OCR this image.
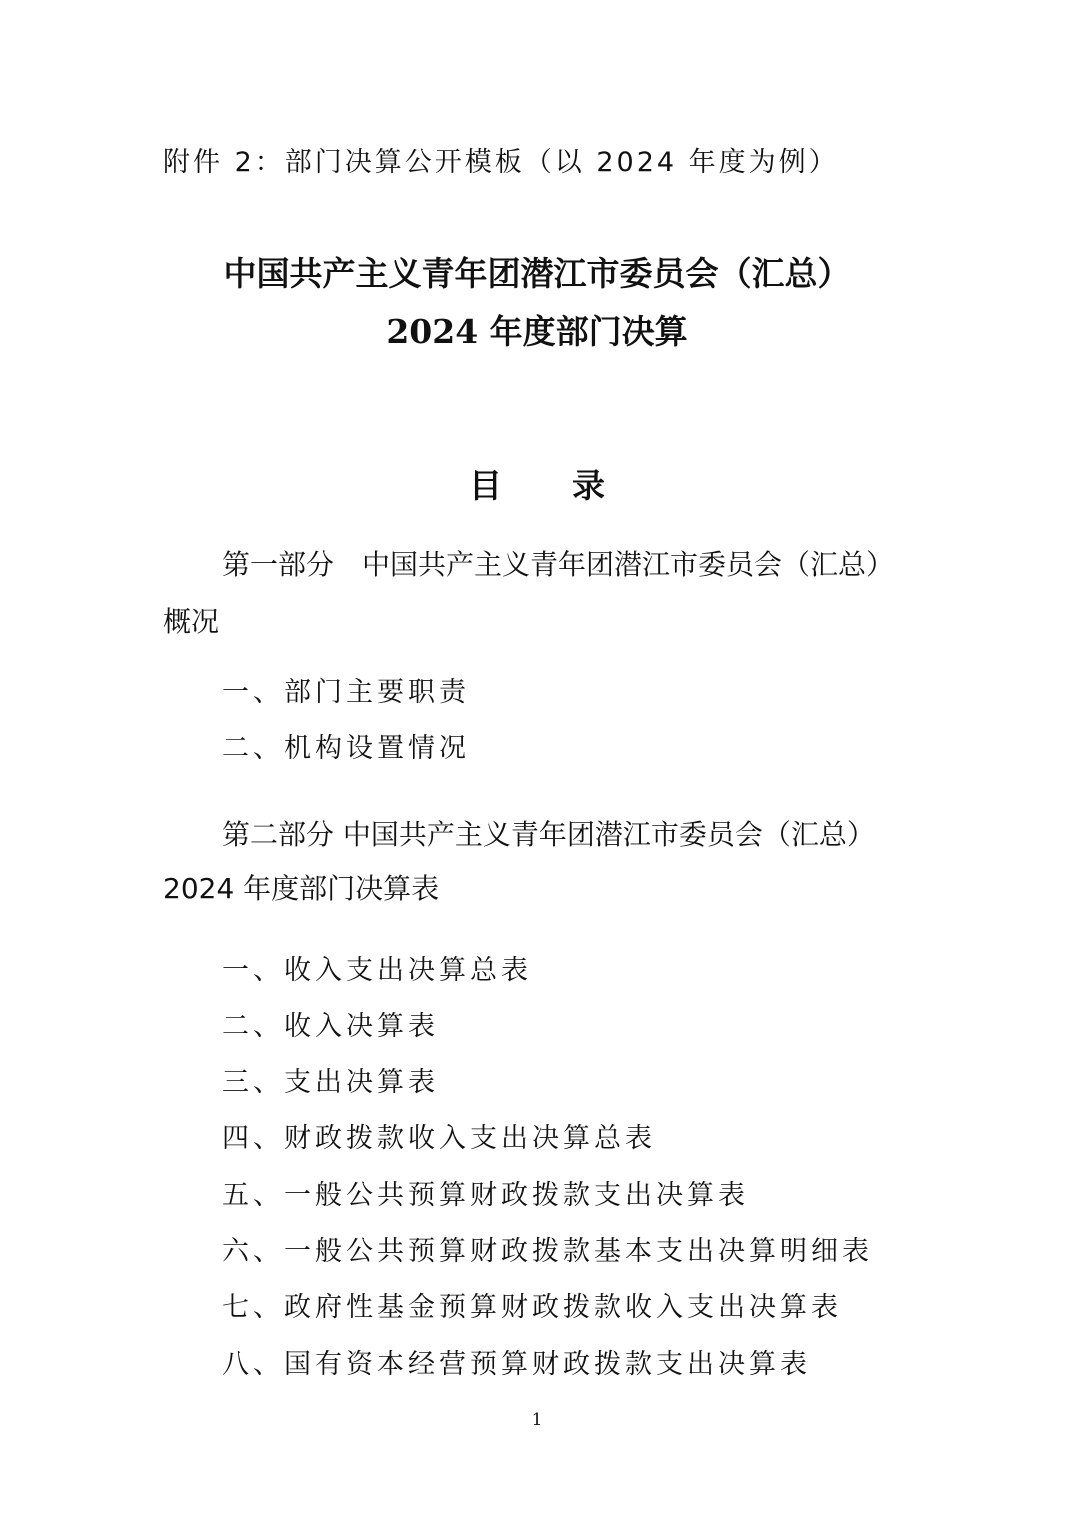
附件 2：部门决算公开模板（以 2024 年度为例）
中国共产主义青年团潜江市委员会（汇总）
2024 年度部门决算
目录
第一部分　中国共产主义青年团潜江市委员会（汇总）
概况
一、部门主要职责
二、机构设置情况
第二部分 中国共产主义青年团潜江市委员会（汇总）
2024 年度部门决算表
一、收入支出决算总表
二、收入决算表
三、支出决算表
四、财政拨款收入支出决算总表
五、一般公共预算财政拨款支出决算表
六、一般公共预算财政拨款基本支出决算明细表
七、政府性基金预算财政拨款收入支出决算表
八、国有资本经营预算财政拨款支出决算表
1
